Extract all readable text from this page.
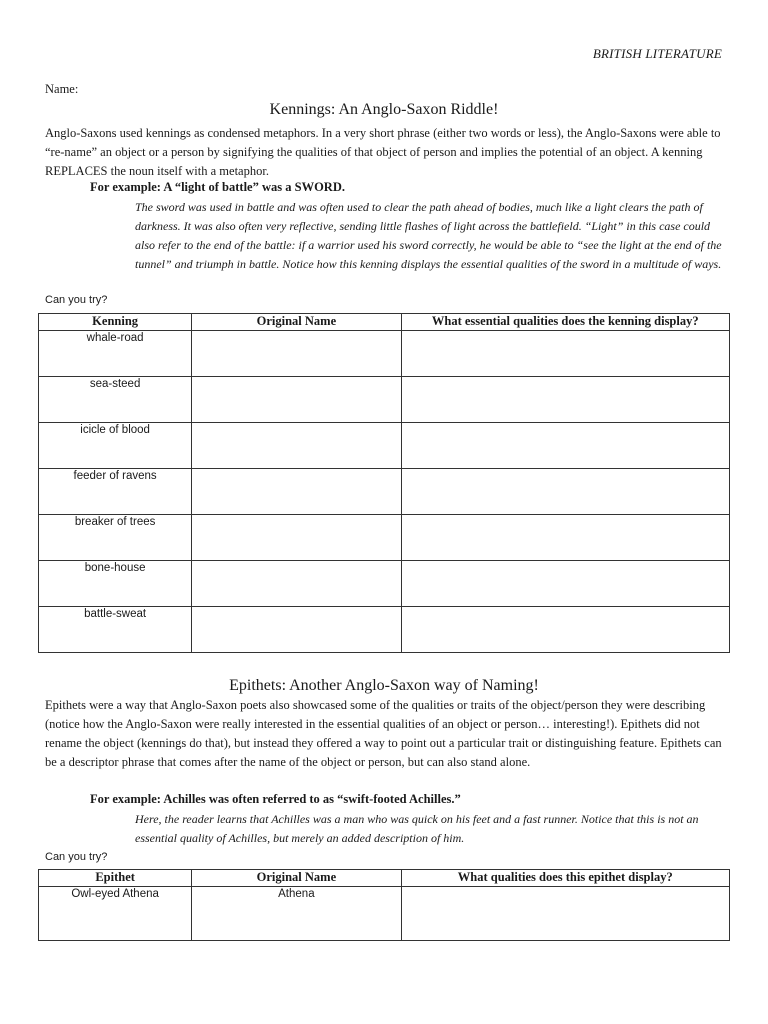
BRITISH LITERATURE
Name:
Kennings: An Anglo-Saxon Riddle!
Anglo-Saxons used kennings as condensed metaphors. In a very short phrase (either two words or less), the Anglo-Saxons were able to “re-name” an object or a person by signifying the qualities of that object of person and implies the potential of an object. A kenning REPLACES the noun itself with a metaphor.
For example: A “light of battle” was a SWORD.
The sword was used in battle and was often used to clear the path ahead of bodies, much like a light clears the path of darkness. It was also often very reflective, sending little flashes of light across the battlefield. “Light” in this case could also refer to the end of the battle: if a warrior used his sword correctly, he would be able to “see the light at the end of the tunnel” and triumph in battle. Notice how this kenning displays the essential qualities of the sword in a multitude of ways.
Can you try?
Kenning	Original Name	What essential qualities does the kenning display?
whale-road		
sea-steed		
icicle of blood		
feeder of ravens		
breaker of trees		
bone-house		
battle-sweat		
Epithets: Another Anglo-Saxon way of Naming!
Epithets were a way that Anglo-Saxon poets also showcased some of the qualities or traits of the object/person they were describing (notice how the Anglo-Saxon were really interested in the essential qualities of an object or person… interesting!). Epithets did not rename the object (kennings do that), but instead they offered a way to point out a particular trait or distinguishing feature. Epithets can be a descriptor phrase that comes after the name of the object or person, but can also stand alone.
For example: Achilles was often referred to as “swift-footed Achilles.”
Here, the reader learns that Achilles was a man who was quick on his feet and a fast runner. Notice that this is not an essential quality of Achilles, but merely an added description of him.
Can you try?
Epithet	Original Name	What qualities does this epithet display?
Owl-eyed Athena	Athena	
